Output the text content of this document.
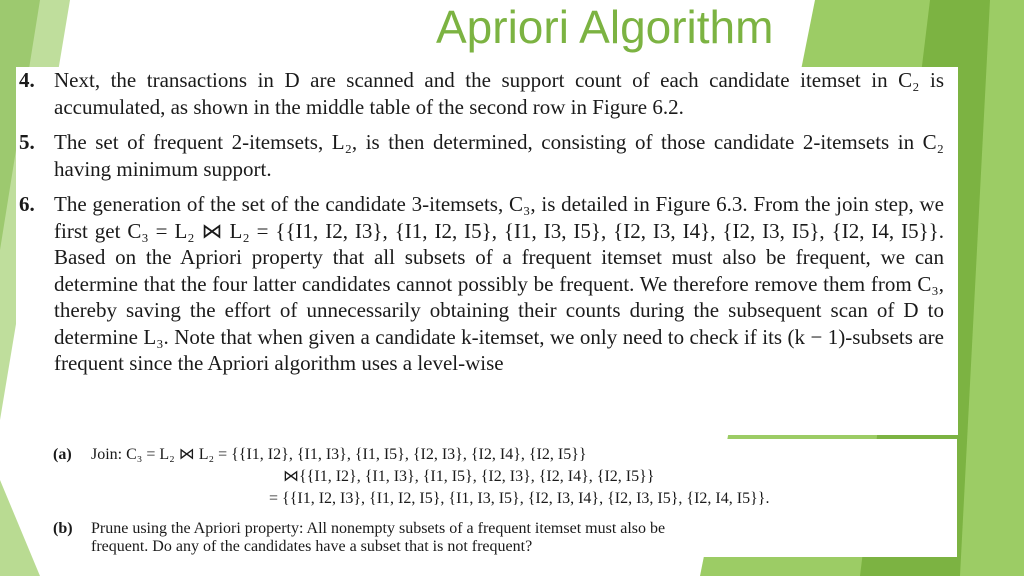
Apriori Algorithm
4. Next, the transactions in D are scanned and the support count of each candidate itemset in C₂ is accumulated, as shown in the middle table of the second row in Figure 6.2.
5. The set of frequent 2-itemsets, L₂, is then determined, consisting of those candidate 2-itemsets in C₂ having minimum support.
6. The generation of the set of the candidate 3-itemsets, C₃, is detailed in Figure 6.3. From the join step, we first get C₃ = L₂ ⋈ L₂ = {{I1, I2, I3}, {I1, I2, I5}, {I1, I3, I5}, {I2, I3, I4}, {I2, I3, I5}, {I2, I4, I5}}. Based on the Apriori property that all subsets of a frequent itemset must also be frequent, we can determine that the four latter candidates cannot possibly be frequent. We therefore remove them from C₃, thereby saving the effort of unnecessarily obtaining their counts during the subsequent scan of D to determine L₃. Note that when given a candidate k-itemset, we only need to check if its (k − 1)-subsets are frequent since the Apriori algorithm uses a level-wise
(a) Join: C₃ = L₂ ⋈ L₂ = {{I1, I2}, {I1, I3}, {I1, I5}, {I2, I3}, {I2, I4}, {I2, I5}}
⋈{{I1, I2}, {I1, I3}, {I1, I5}, {I2, I3}, {I2, I4}, {I2, I5}}
= {{I1, I2, I3}, {I1, I2, I5}, {I1, I3, I5}, {I2, I3, I4}, {I2, I3, I5}, {I2, I4, I5}}.
(b) Prune using the Apriori property: All nonempty subsets of a frequent itemset must also be
frequent. Do any of the candidates have a subset that is not frequent?
